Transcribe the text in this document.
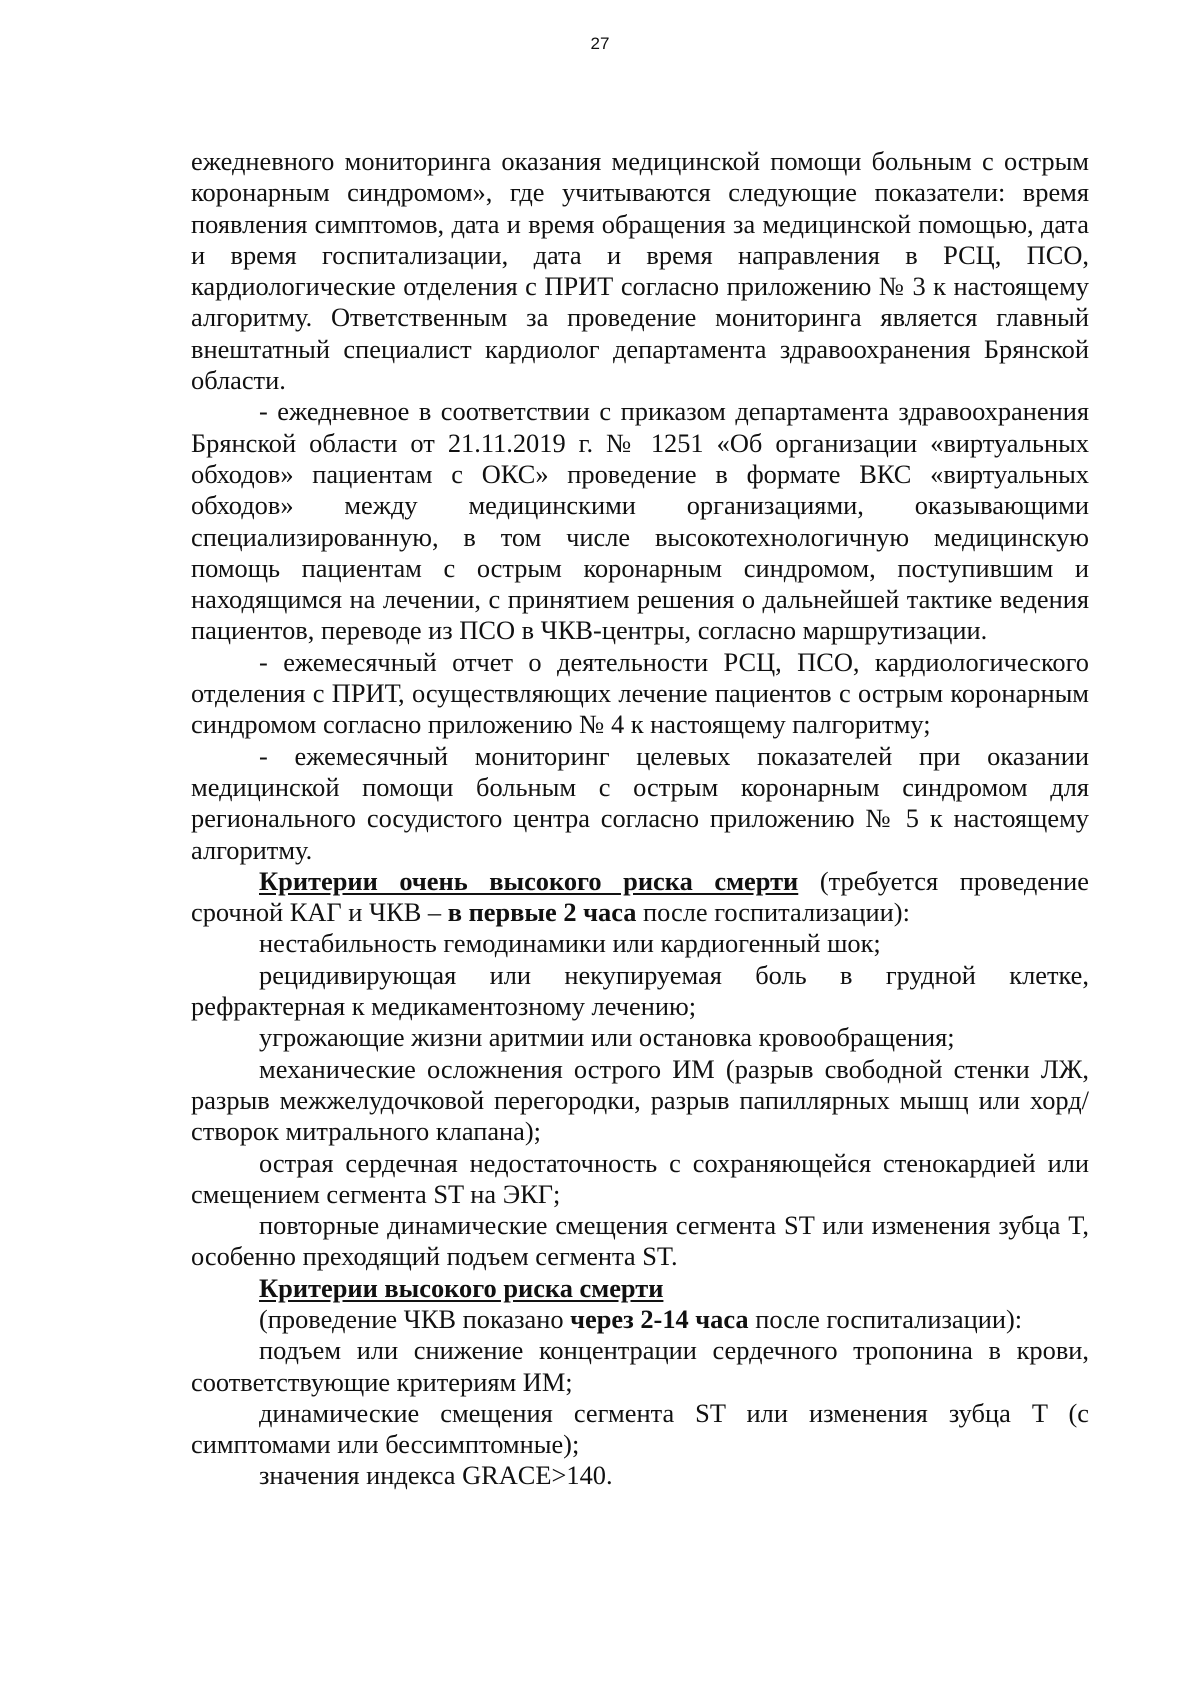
27

ежедневного мониторинга оказания медицинской помощи больным с острым коронарным синдромом», где учитываются следующие показатели: время появления симптомов, дата и время обращения за медицинской помощью, дата и время госпитализации, дата и время направления в РСЦ, ПСО, кардиологические отделения с ПРИТ согласно приложению № 3 к настоящему алгоритму. Ответственным за проведение мониторинга является главный внештатный специалист кардиолог департамента здравоохранения Брянской области.

- ежедневное в соответствии с приказом департамента здравоохранения Брянской области от 21.11.2019 г. № 1251 «Об организации «виртуальных обходов» пациентам с ОКС» проведение в формате ВКС «виртуальных обходов» между медицинскими организациями, оказывающими специализированную, в том числе высокотехнологичную медицинскую помощь пациентам с острым коронарным синдромом, поступившим и находящимся на лечении, с принятием решения о дальнейшей тактике ведения пациентов, переводе из ПСО в ЧКВ-центры, согласно маршрутизации.

- ежемесячный отчет о деятельности РСЦ, ПСО, кардиологического отделения с ПРИТ, осуществляющих лечение пациентов с острым коронарным синдромом согласно приложению № 4 к настоящему палгоритму;

- ежемесячный мониторинг целевых показателей при оказании медицинской помощи больным с острым коронарным синдромом для регионального сосудистого центра согласно приложению № 5 к настоящему алгоритму.

Критерии очень высокого риска смерти (требуется проведение срочной КАГ и ЧКВ – в первые 2 часа после госпитализации):

нестабильность гемодинамики или кардиогенный шок;

рецидивирующая или некупируемая боль в грудной клетке, рефрактерная к медикаментозному лечению;

угрожающие жизни аритмии или остановка кровообращения;

механические осложнения острого ИМ (разрыв свободной стенки ЛЖ, разрыв межжелудочковой перегородки, разрыв папиллярных мышц или хорд/створок митрального клапана);

острая сердечная недостаточность с сохраняющейся стенокардией или смещением сегмента ST на ЭКГ;

повторные динамические смещения сегмента ST или изменения зубца T, особенно преходящий подъем сегмента ST.

Критерии высокого риска смерти

(проведение ЧКВ показано через 2-14 часа после госпитализации):

подъем или снижение концентрации сердечного тропонина в крови, соответствующие критериям ИМ;

динамические смещения сегмента ST или изменения зубца T (с симптомами или бессимптомные);

значения индекса GRACE>140.
